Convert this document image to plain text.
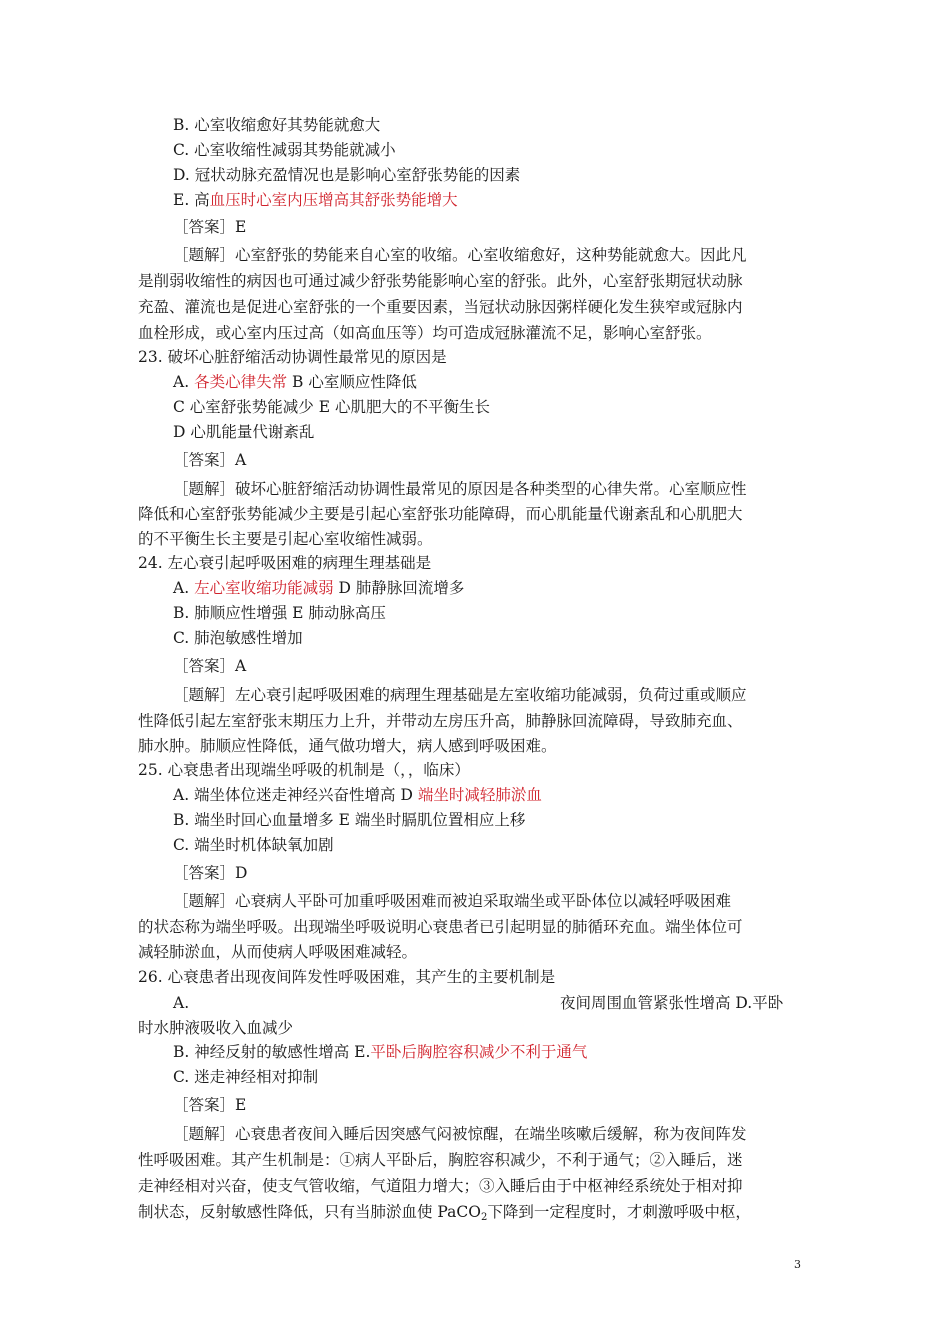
B. 心室收缩愈好其势能就愈大
C. 心室收缩性减弱其势能就减小
D. 冠状动脉充盈情况也是影响心室舒张势能的因素
E. 高血压时心室内压增高其舒张势能增大
［答案］E
［题解］心室舒张的势能来自心室的收缩。心室收缩愈好，这种势能就愈大。因此凡
是削弱收缩性的病因也可通过减少舒张势能影响心室的舒张。此外，心室舒张期冠状动脉
充盈、灌流也是促进心室舒张的一个重要因素，当冠状动脉因粥样硬化发生狭窄或冠脉内
血栓形成，或心室内压过高（如高血压等）均可造成冠脉灌流不足，影响心室舒张。
23. 破坏心脏舒缩活动协调性最常见的原因是
A. 各类心律失常 B 心室顺应性降低
C 心室舒张势能减少 E 心肌肥大的不平衡生长
D 心肌能量代谢紊乱
［答案］A
［题解］破坏心脏舒缩活动协调性最常见的原因是各种类型的心律失常。心室顺应性
降低和心室舒张势能减少主要是引起心室舒张功能障碍，而心肌能量代谢紊乱和心肌肥大
的不平衡生长主要是引起心室收缩性减弱。
24. 左心衰引起呼吸困难的病理生理基础是
A. 左心室收缩功能减弱 D 肺静脉回流增多
B. 肺顺应性增强 E 肺动脉高压
C. 肺泡敏感性增加
［答案］A
［题解］左心衰引起呼吸困难的病理生理基础是左室收缩功能减弱，负荷过重或顺应
性降低引起左室舒张末期压力上升，并带动左房压升高，肺静脉回流障碍，导致肺充血、
肺水肿。肺顺应性降低，通气做功增大，病人感到呼吸困难。
25. 心衰患者出现端坐呼吸的机制是（，，临床）
A. 端坐体位迷走神经兴奋性增高 D 端坐时减轻肺淤血
B. 端坐时回心血量增多 E 端坐时膈肌位置相应上移
C. 端坐时机体缺氧加剧
［答案］D
［题解］心衰病人平卧可加重呼吸困难而被迫采取端坐或平卧体位以减轻呼吸困难
的状态称为端坐呼吸。出现端坐呼吸说明心衰患者已引起明显的肺循环充血。端坐体位可
减轻肺淤血，从而使病人呼吸困难减轻。
26. 心衰患者出现夜间阵发性呼吸困难，其产生的主要机制是
A.	夜间周围血管紧张性增高 D.平卧
时水肿液吸收入血减少
B. 神经反射的敏感性增高 E.平卧后胸腔容积减少不利于通气
C. 迷走神经相对抑制
［答案］E
［题解］心衰患者夜间入睡后因突感气闷被惊醒，在端坐咳嗽后缓解，称为夜间阵发
性呼吸困难。其产生机制是：①病人平卧后，胸腔容积减少，不利于通气；②入睡后，迷
走神经相对兴奋，使支气管收缩，气道阻力增大；③入睡后由于中枢神经系统处于相对抑
制状态，反射敏感性降低，只有当肺淤血使 PaCO$_2$下降到一定程度时，才刺激呼吸中枢，
3
